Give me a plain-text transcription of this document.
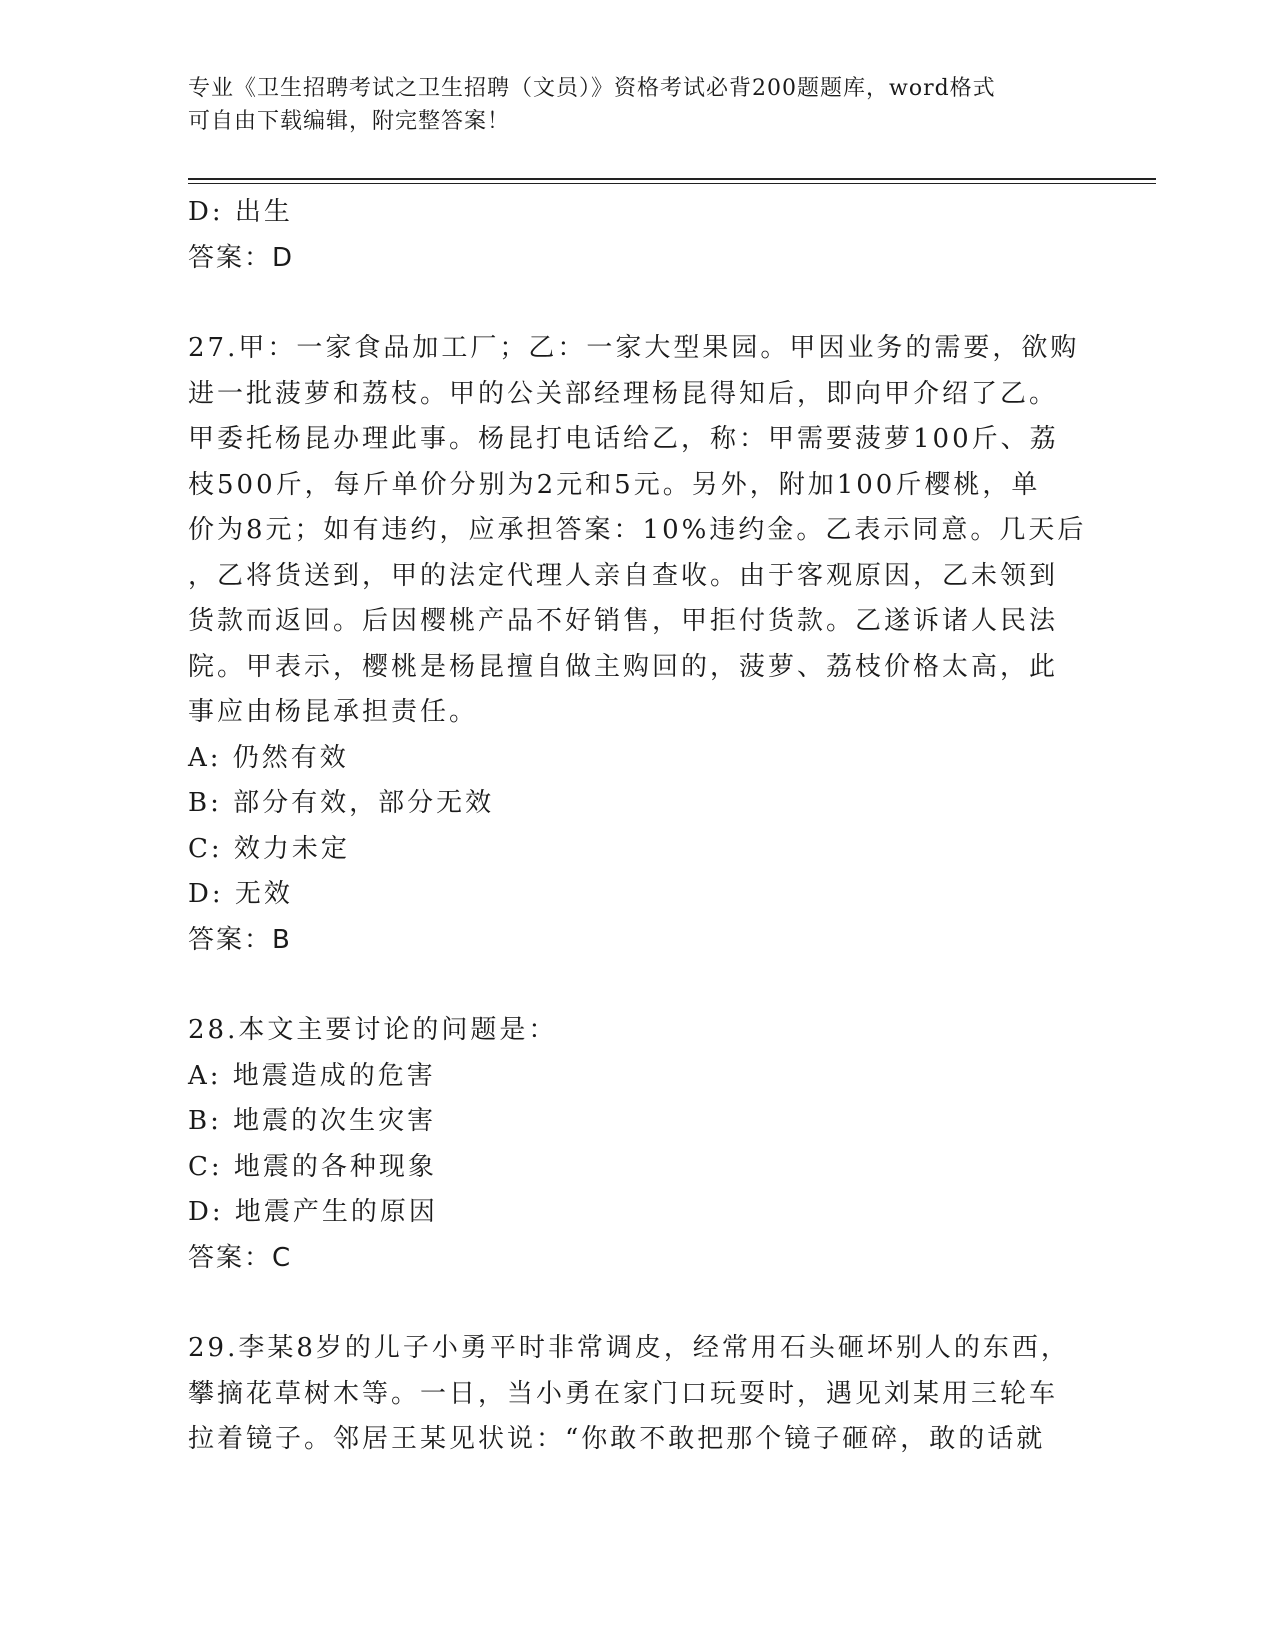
专业《卫生招聘考试之卫生招聘（文员）》资格考试必背200题题库，word格式

可自由下载编辑，附完整答案！

D: 出生

答案：D

27.甲：一家食品加工厂；乙：一家大型果园。甲因业务的需要，欲购

进一批菠萝和荔枝。甲的公关部经理杨昆得知后，即向甲介绍了乙。

甲委托杨昆办理此事。杨昆打电话给乙，称：甲需要菠萝100斤、荔

枝500斤，每斤单价分别为2元和5元。另外，附加100斤樱桃，单

价为8元；如有违约，应承担答案：10%违约金。乙表示同意。几天后

，乙将货送到，甲的法定代理人亲自查收。由于客观原因，乙未领到

货款而返回。后因樱桃产品不好销售，甲拒付货款。乙遂诉诸人民法

院。甲表示，樱桃是杨昆擅自做主购回的，菠萝、荔枝价格太高，此

事应由杨昆承担责任。

A: 仍然有效

B: 部分有效，部分无效

C: 效力未定

D: 无效

答案：B

28.本文主要讨论的问题是：

A: 地震造成的危害

B: 地震的次生灾害

C: 地震的各种现象

D: 地震产生的原因

答案：C

29.李某8岁的儿子小勇平时非常调皮，经常用石头砸坏别人的东西，

攀摘花草树木等。一日，当小勇在家门口玩耍时，遇见刘某用三轮车

拉着镜子。邻居王某见状说：“你敢不敢把那个镜子砸碎，敢的话就
